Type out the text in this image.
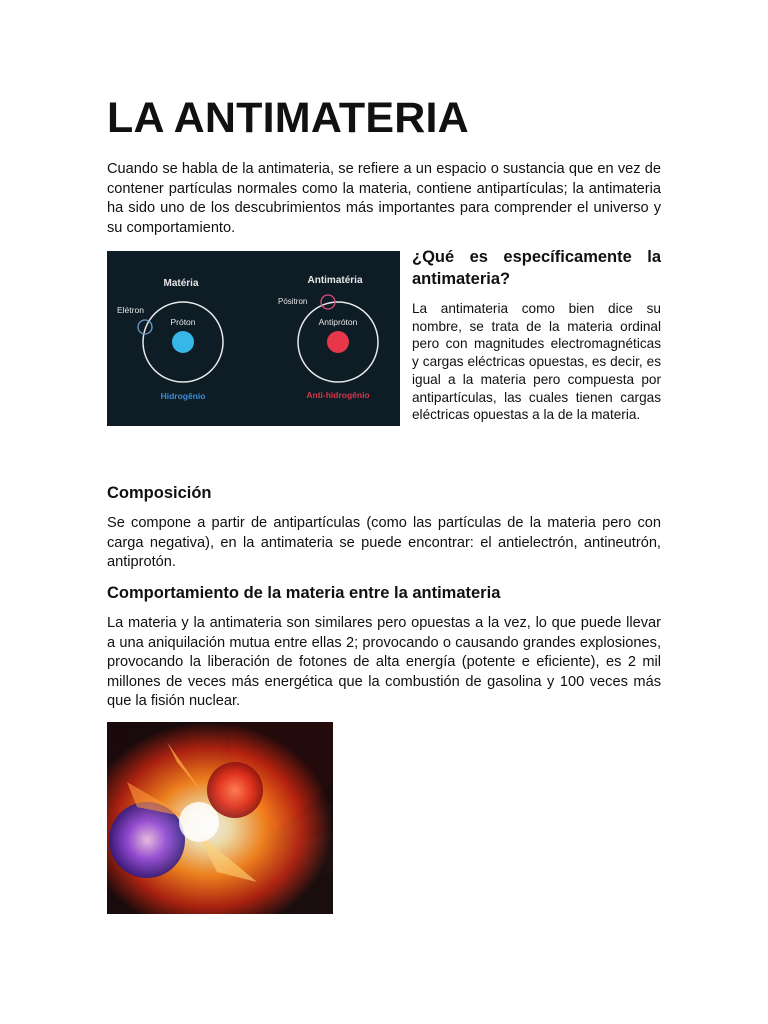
LA ANTIMATERIA

Cuando se habla de la antimateria, se refiere a un espacio o sustancia que en vez de contener partículas normales como la materia, contiene antipartículas; la antimateria ha sido uno de los descubrimientos más importantes para comprender el universo y su comportamiento.

Matéria
Próton
Elétron
Hidrogênio
Antimatéria
Antipróton
Pósitron
Anti-hidrogênio
¿Qué es específicamente la antimateria?

La antimateria como bien dice su nombre, se trata de la materia ordinal pero con magnitudes electromagnéticas y cargas eléctricas opuestas, es decir, es igual a la materia pero compuesta por antipartículas, las cuales tienen cargas eléctricas opuestas a la de la materia.

Composición

Se compone a partir de antipartículas (como las partículas de la materia pero con carga negativa), en la antimateria se puede encontrar: el antielectrón, antineutrón, antiprotón.

Comportamiento de la materia entre la antimateria

La materia y la antimateria son similares pero opuestas a la vez, lo que puede llevar a una aniquilación mutua entre ellas 2; provocando o causando grandes explosiones, provocando la liberación de fotones de alta energía (potente e eficiente), es 2 mil millones de veces más energética que la combustión de gasolina y 100 veces más que la fisión nuclear.
